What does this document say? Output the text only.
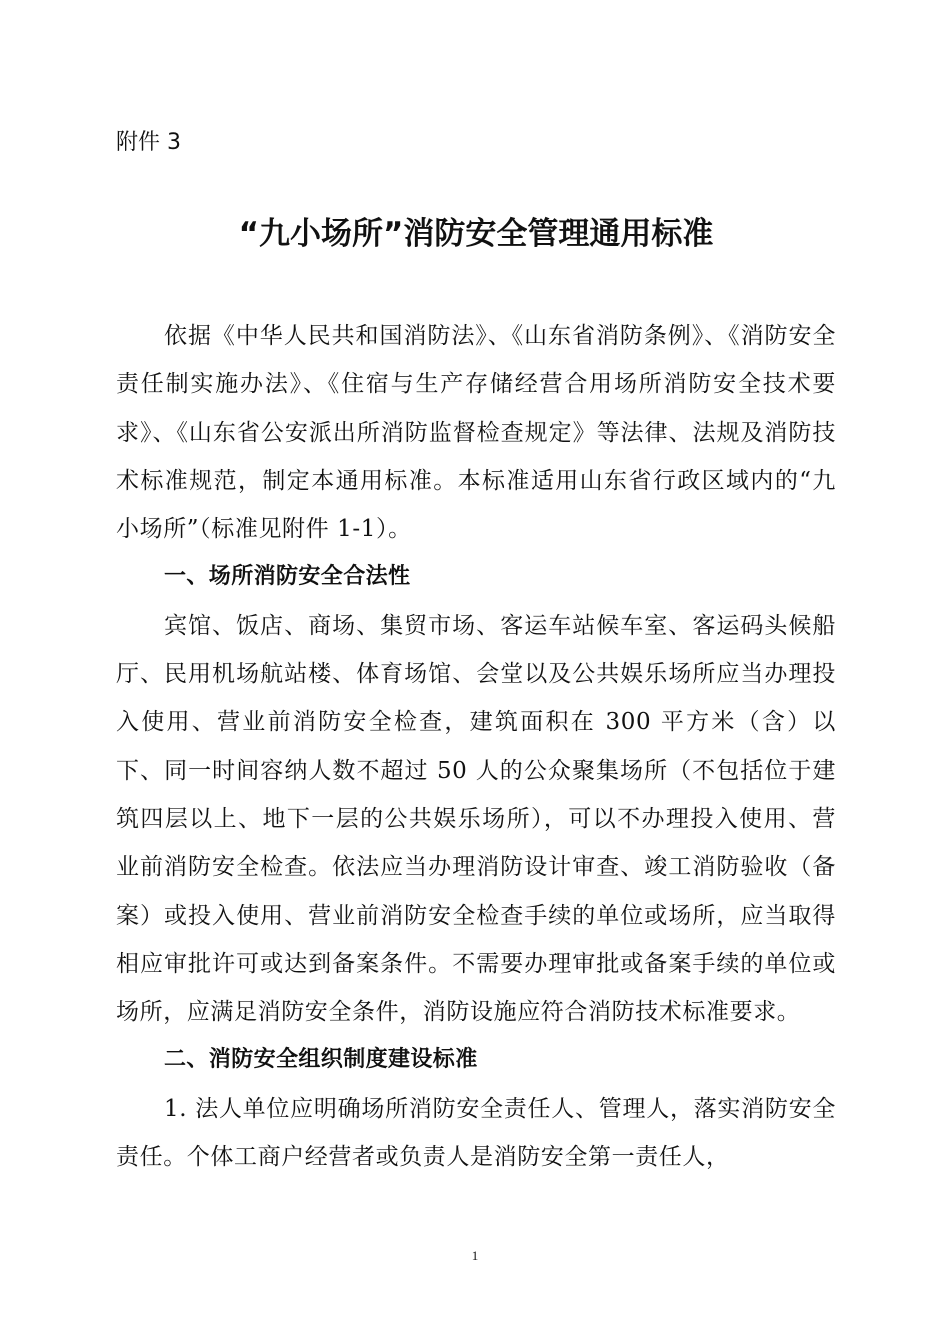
附件 3

“九小场所”消防安全管理通用标准

依据《中华人民共和国消防法》、《山东省消防条例》、《消防安全责任制实施办法》、《住宿与生产存储经营合用场所消防安全技术要求》、《山东省公安派出所消防监督检查规定》等法律、法规及消防技术标准规范，制定本通用标准。本标准适用山东省行政区域内的“九小场所”（标准见附件 1-1）。

一、场所消防安全合法性

宾馆、饭店、商场、集贸市场、客运车站候车室、客运码头候船厅、民用机场航站楼、体育场馆、会堂以及公共娱乐场所应当办理投入使用、营业前消防安全检查，建筑面积在 300 平方米（含）以下、同一时间容纳人数不超过 50 人的公众聚集场所（不包括位于建筑四层以上、地下一层的公共娱乐场所），可以不办理投入使用、营业前消防安全检查。依法应当办理消防设计审查、竣工消防验收（备案）或投入使用、营业前消防安全检查手续的单位或场所，应当取得相应审批许可或达到备案条件。不需要办理审批或备案手续的单位或场所，应满足消防安全条件，消防设施应符合消防技术标准要求。

二、消防安全组织制度建设标准

1. 法人单位应明确场所消防安全责任人、管理人，落实消防安全责任。个体工商户经营者或负责人是消防安全第一责任人，

1
